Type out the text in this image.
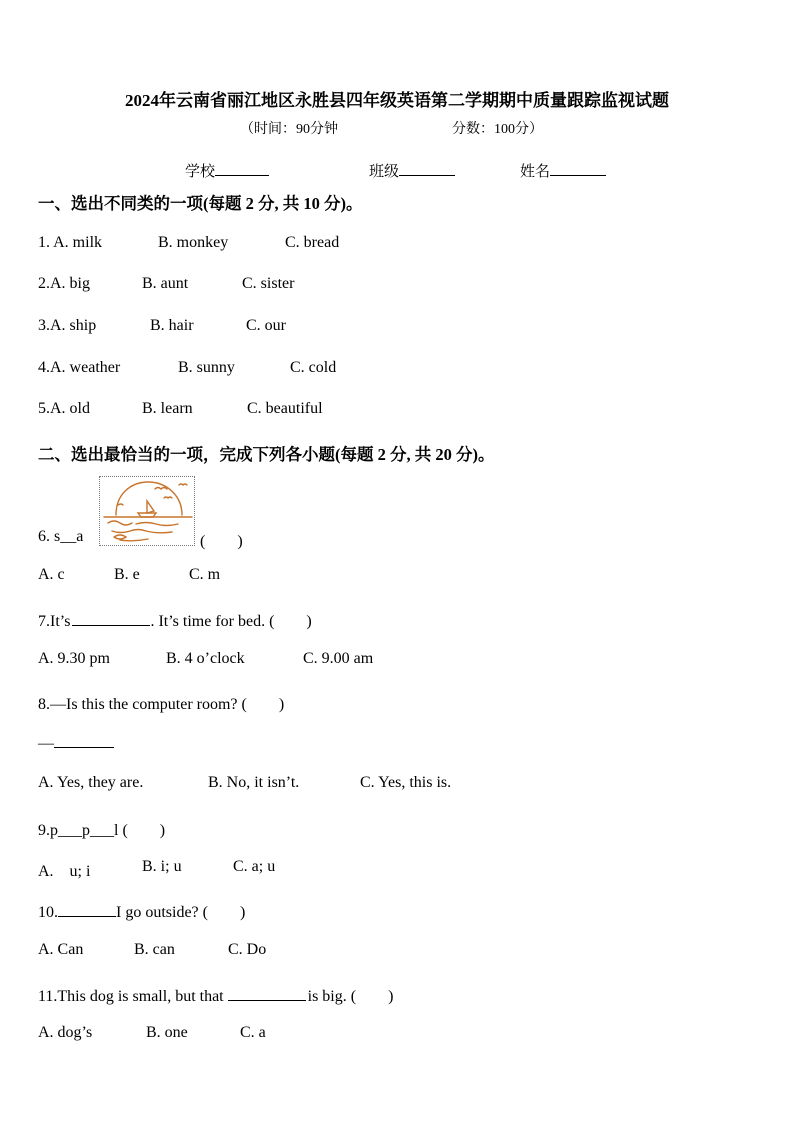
2024年云南省丽江地区永胜县四年级英语第二学期期中质量跟踪监视试题
（时间：90分钟	分数：100分）
学校	班级	姓名
一、选出不同类的一项(每题 2 分, 共 10 分)。
1. A. milk	B. monkey	C. bread
2.A. big	B. aunt	C. sister
3.A. ship	B. hair	C. our
4.A. weather	B. sunny	C. cold
5.A. old	B. learn	C. beautiful
二、选出最恰当的一项，完成下列各小题(每题 2 分, 共 20 分)。
6. s__a	(　　)
A. c	B. e	C. m
7.It’s	. It’s time for bed. (　　)
A. 9.30 pm	B. 4 o’clock	C. 9.00 am
8.—Is this the computer room? (　　)
—
A. Yes, they are.	B. No, it isn’t.	C. Yes, this is.
9.p___p___l (　　)
A.　u; i	B. i; u	C. a; u
10.	I go outside? (　　)
A. Can	B. can	C. Do
11.This dog is small, but that	is big. (　　)
A. dog’s	B. one	C. a
